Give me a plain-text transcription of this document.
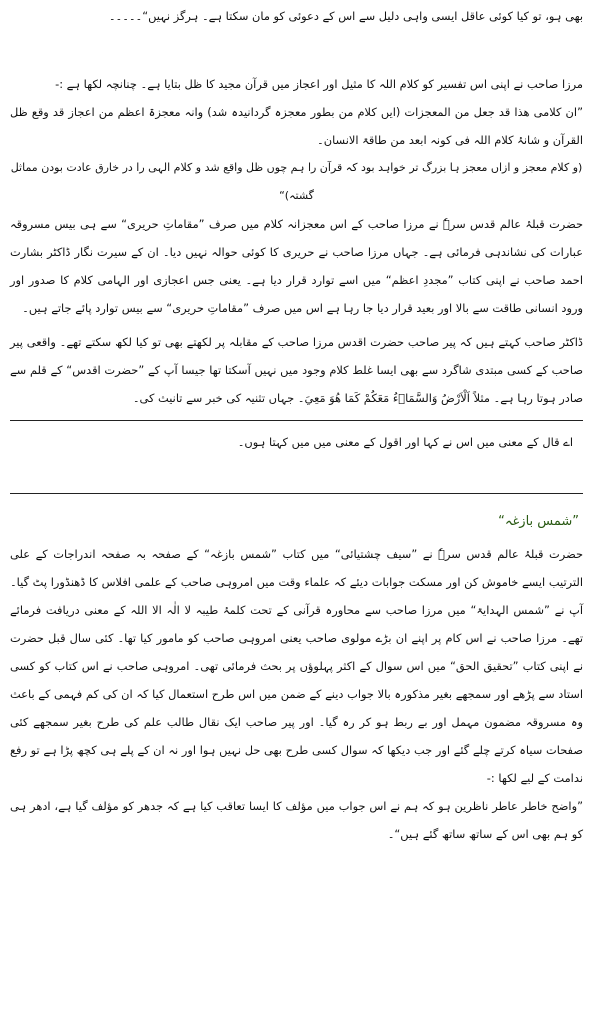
بھی ہو، تو کیا کوئی عاقل ایسی واہی دلیل سے اس کے دعوئی کو مان سکتا ہے۔ ہرگز نہیں“۔۔۔۔۔

مرزا صاحب نے اپنی اس تفسیر کو کلام اللہ کا مثیل اور اعجاز میں قرآن مجید کا ظل بتایا ہے۔ چنانچہ لکھا ہے :-

”ان کلامی ھذا قد جعل من المعجزات (ایں کلام من بطور معجزہ گردانیدہ شد) وانہ معجزۃ اعظم من اعجاز قد وقع ظل القرآن و شانۂ کلام اللہ فی کونہ ابعد من طاقۃ الانسان۔

(و کلام معجز و ازاں معجز ہا بزرگ تر خواہد بود کہ قرآن را ہم چوں ظل واقع شد و کلام الہی را در خارق عادت بودن مماثل گشتہ)“

حضرت قبلۂ عالم قدس سرہٗ نے مرزا صاحب کے اس معجزانہ کلام میں صرف ”مقاماتِ حریری“ سے ہی بیس مسروقہ عبارات کی نشاندہی فرمائی ہے۔ جہاں مرزا صاحب نے حریری کا کوئی حوالہ نہیں دیا۔ ان کے سیرت نگار ڈاکٹر بشارت احمد صاحب نے اپنی کتاب ”مجددِ اعظم“ میں اسے توارد قرار دیا ہے۔ یعنی جس اعجازی اور الہامی کلام کا صدور اور ورود انسانی طاقت سے بالا اور بعید قرار دیا جا رہا ہے اس میں صرف ”مقاماتِ حریری“ سے بیس توارد پائے جاتے ہیں۔

ڈاکٹر صاحب کہتے ہیں کہ پیر صاحب حضرت اقدس مرزا صاحب کے مقابلہ پر لکھتے بھی تو کیا لکھ سکتے تھے۔ واقعی پیر صاحب کے کسی مبتدی شاگرد سے بھی ایسا غلط کلام وجود میں نہیں آسکتا تھا جیسا آپ کے ”حضرت اقدس“ کے قلم سے صادر ہوتا رہا ہے۔ مثلاً اَلْاَرْضُ وَالسَّمَاۗءُ مَعَكُمْ كَمَا هُوَ مَعِيَ۔ جہاں تثنیہ کی خبر سے تانیث کی۔

اے قال کے معنی میں اس نے کہا اور اقول کے معنی میں میں کہتا ہوں۔

”شمس بازغہ“

حضرت قبلۂ عالم قدس سرہٗ نے ”سیف چشتیائی“ میں کتاب ”شمس بازغہ“ کے صفحہ بہ صفحہ اندراجات کے علی الترتیب ایسے خاموش کن اور مسکت جوابات دیئے کہ علماء وقت میں امروہی صاحب کے علمی افلاس کا ڈھنڈورا پٹ گیا۔ آپ نے ”شمس الہدایۃ“ میں مرزا صاحب سے محاورہ قرآنی کے تحت کلمۂ طیبہ لا الٰہ الا اللہ کے معنی دریافت فرمائے تھے۔ مرزا صاحب نے اس کام پر اپنے ان بڑے مولوی صاحب یعنی امروہی صاحب کو مامور کیا تھا۔ کئی سال قبل حضرت نے اپنی کتاب ”تحقیق الحق“ میں اس سوال کے اکثر پہلوؤں پر بحث فرمائی تھی۔ امروہی صاحب نے اس کتاب کو کسی استاد سے پڑھے اور سمجھے بغیر مذکورہ بالا جواب دینے کے ضمن میں اس طرح استعمال کیا کہ ان کی کم فہمی کے باعث وہ مسروقہ مضمون مہمل اور بے ربط ہو کر رہ گیا۔ اور پیر صاحب ایک نقال طالب علم کی طرح بغیر سمجھے کئی صفحات سیاہ کرتے چلے گئے اور جب دیکھا کہ سوال کسی طرح بھی حل نہیں ہوا اور نہ ان کے پلے ہی کچھ پڑا ہے تو رفع ندامت کے لیے لکھا :-

”واضح خاطر عاطر ناظرین ہو کہ ہم نے اس جواب میں مؤلف کا ایسا تعاقب کیا ہے کہ جدھر کو مؤلف گیا ہے، ادھر ہی کو ہم بھی اس کے ساتھ ساتھ گئے ہیں“۔
